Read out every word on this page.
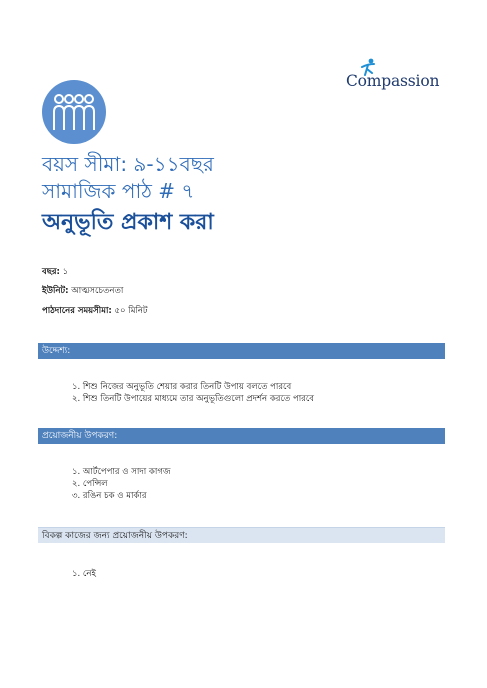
Compassion
বয়স সীমা: ৯-১১বছর
সামাজিক পাঠ # ৭
অনুভূতি প্রকাশ করা
বছর: ১
ইউনিট: আত্মসচেতনতা
পাঠদানের সময়সীমা: ৫০ মিনিট
উদ্দেশ্য:
১. শিশু নিজের অনুভূতি শেয়ার করার তিনটি উপায় বলতে পারবে
২. শিশু তিনটি উপায়ের মাধ্যমে তার অনুভূতিগুলো প্রদর্শন করতে পারবে
প্রয়োজনীয় উপকরণ:
১. আর্টপেপার ও সাদা কাগজ
২. পেন্সিল
৩. রঙিন চক ও মার্কার
বিকল্প কাজের জন্য প্রয়োজনীয় উপকরণ:
১. নেই
